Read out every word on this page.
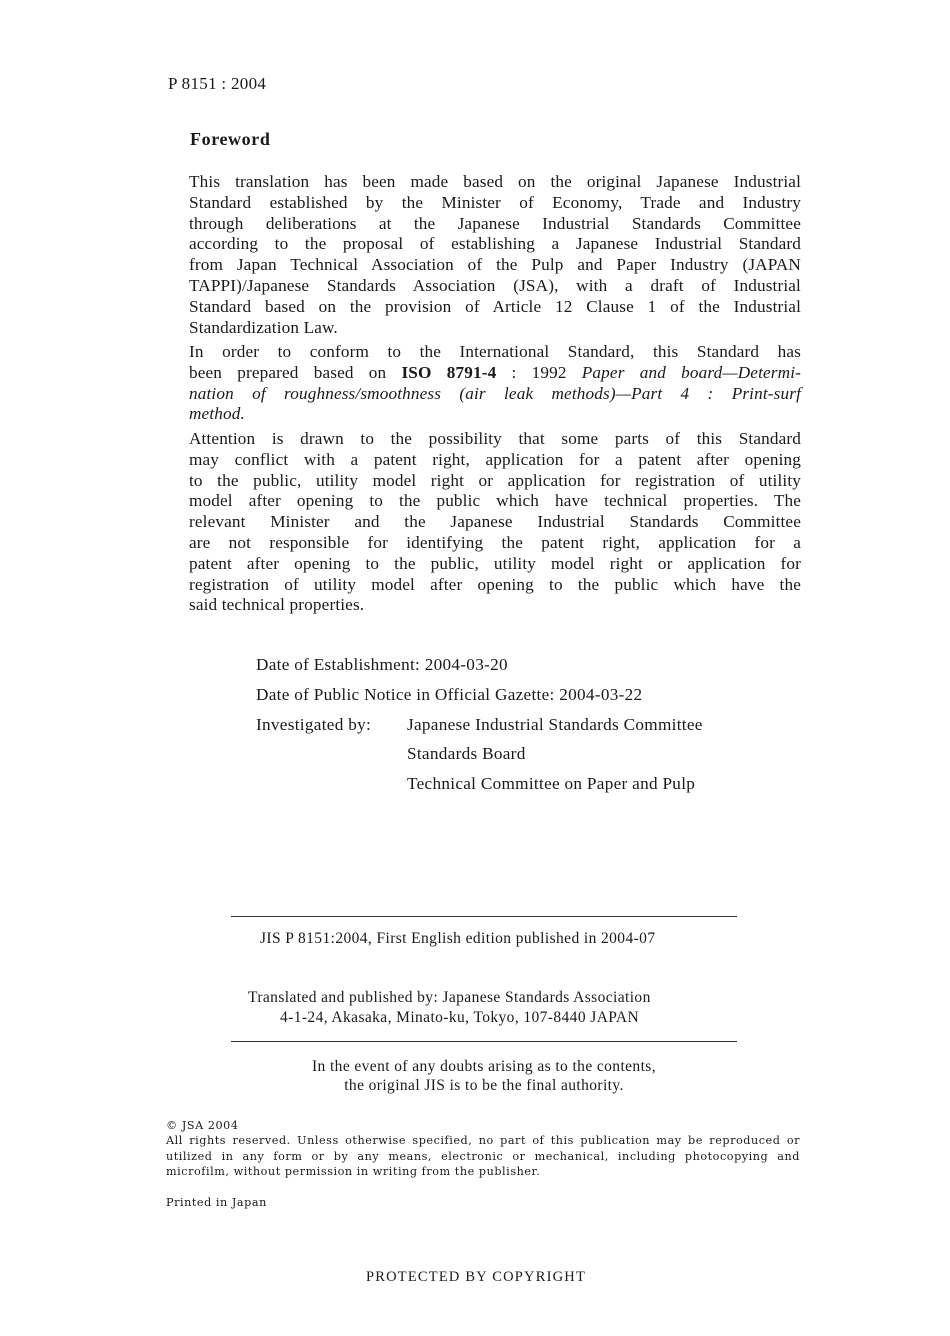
P 8151 : 2004
Foreword
This translation has been made based on the original Japanese Industrial
Standard established by the Minister of Economy, Trade and Industry
through deliberations at the Japanese Industrial Standards Committee
according to the proposal of establishing a Japanese Industrial Standard
from Japan Technical Association of the Pulp and Paper Industry (JAPAN
TAPPI)/Japanese Standards Association (JSA), with a draft of Industrial
Standard based on the provision of Article 12 Clause 1 of the Industrial
Standardization Law.
In order to conform to the International Standard, this Standard has
been prepared based on ISO 8791-4 : 1992 Paper and board—Determi-
nation of roughness/smoothness (air leak methods)—Part 4 : Print-surf
method.
Attention is drawn to the possibility that some parts of this Standard
may conflict with a patent right, application for a patent after opening
to the public, utility model right or application for registration of utility
model after opening to the public which have technical properties. The
relevant Minister and the Japanese Industrial Standards Committee
are not responsible for identifying the patent right, application for a
patent after opening to the public, utility model right or application for
registration of utility model after opening to the public which have the
said technical properties.
Date of Establishment: 2004-03-20
Date of Public Notice in Official Gazette: 2004-03-22
Investigated by: Japanese Industrial Standards Committee
Standards Board
Technical Committee on Paper and Pulp
JIS P 8151:2004, First English edition published in 2004-07
Translated and published by: Japanese Standards Association
4-1-24, Akasaka, Minato-ku, Tokyo, 107-8440 JAPAN
In the event of any doubts arising as to the contents,
the original JIS is to be the final authority.
© JSA 2004
All rights reserved. Unless otherwise specified, no part of this publication may be reproduced or
utilized in any form or by any means, electronic or mechanical, including photocopying and
microfilm, without permission in writing from the publisher.
Printed in Japan
PROTECTED BY COPYRIGHT
